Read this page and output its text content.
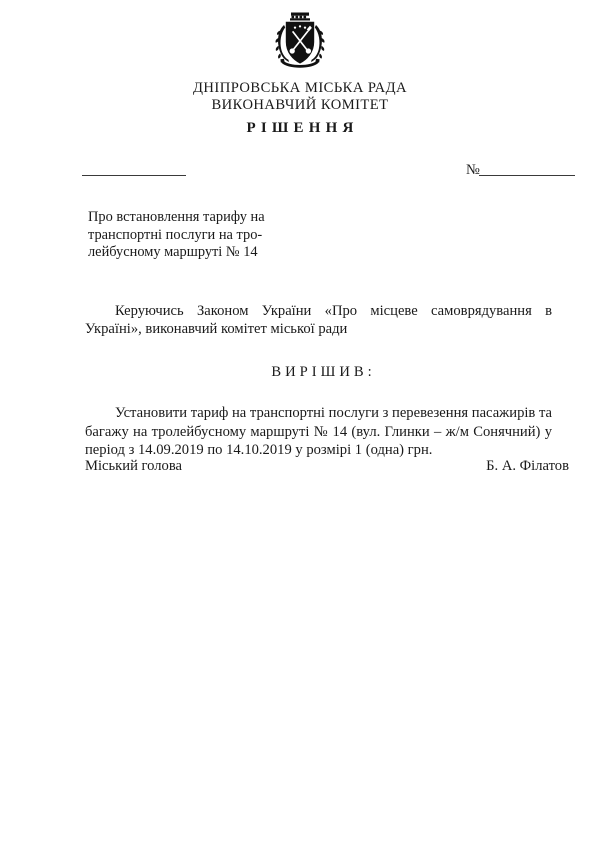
ДНІПРОВСЬКА МІСЬКА РАДА
ВИКОНАВЧИЙ КОМІТЕТ
РІШЕННЯ
№
Про встановлення тарифу на
транспортні послуги на тро-
лейбусному маршруті № 14

Керуючись Законом України «Про місцеве самоврядування в Україні», виконавчий комітет міської ради

ВИРІШИВ:

Установити тариф на транспортні послуги з перевезення пасажирів та багажу на тролейбусному маршруті № 14 (вул. Глинки – ж/м Сонячний) у період з 14.09.2019 по 14.10.2019 у розмірі 1 (одна) грн.

Міський голова	Б. А. Філатов
